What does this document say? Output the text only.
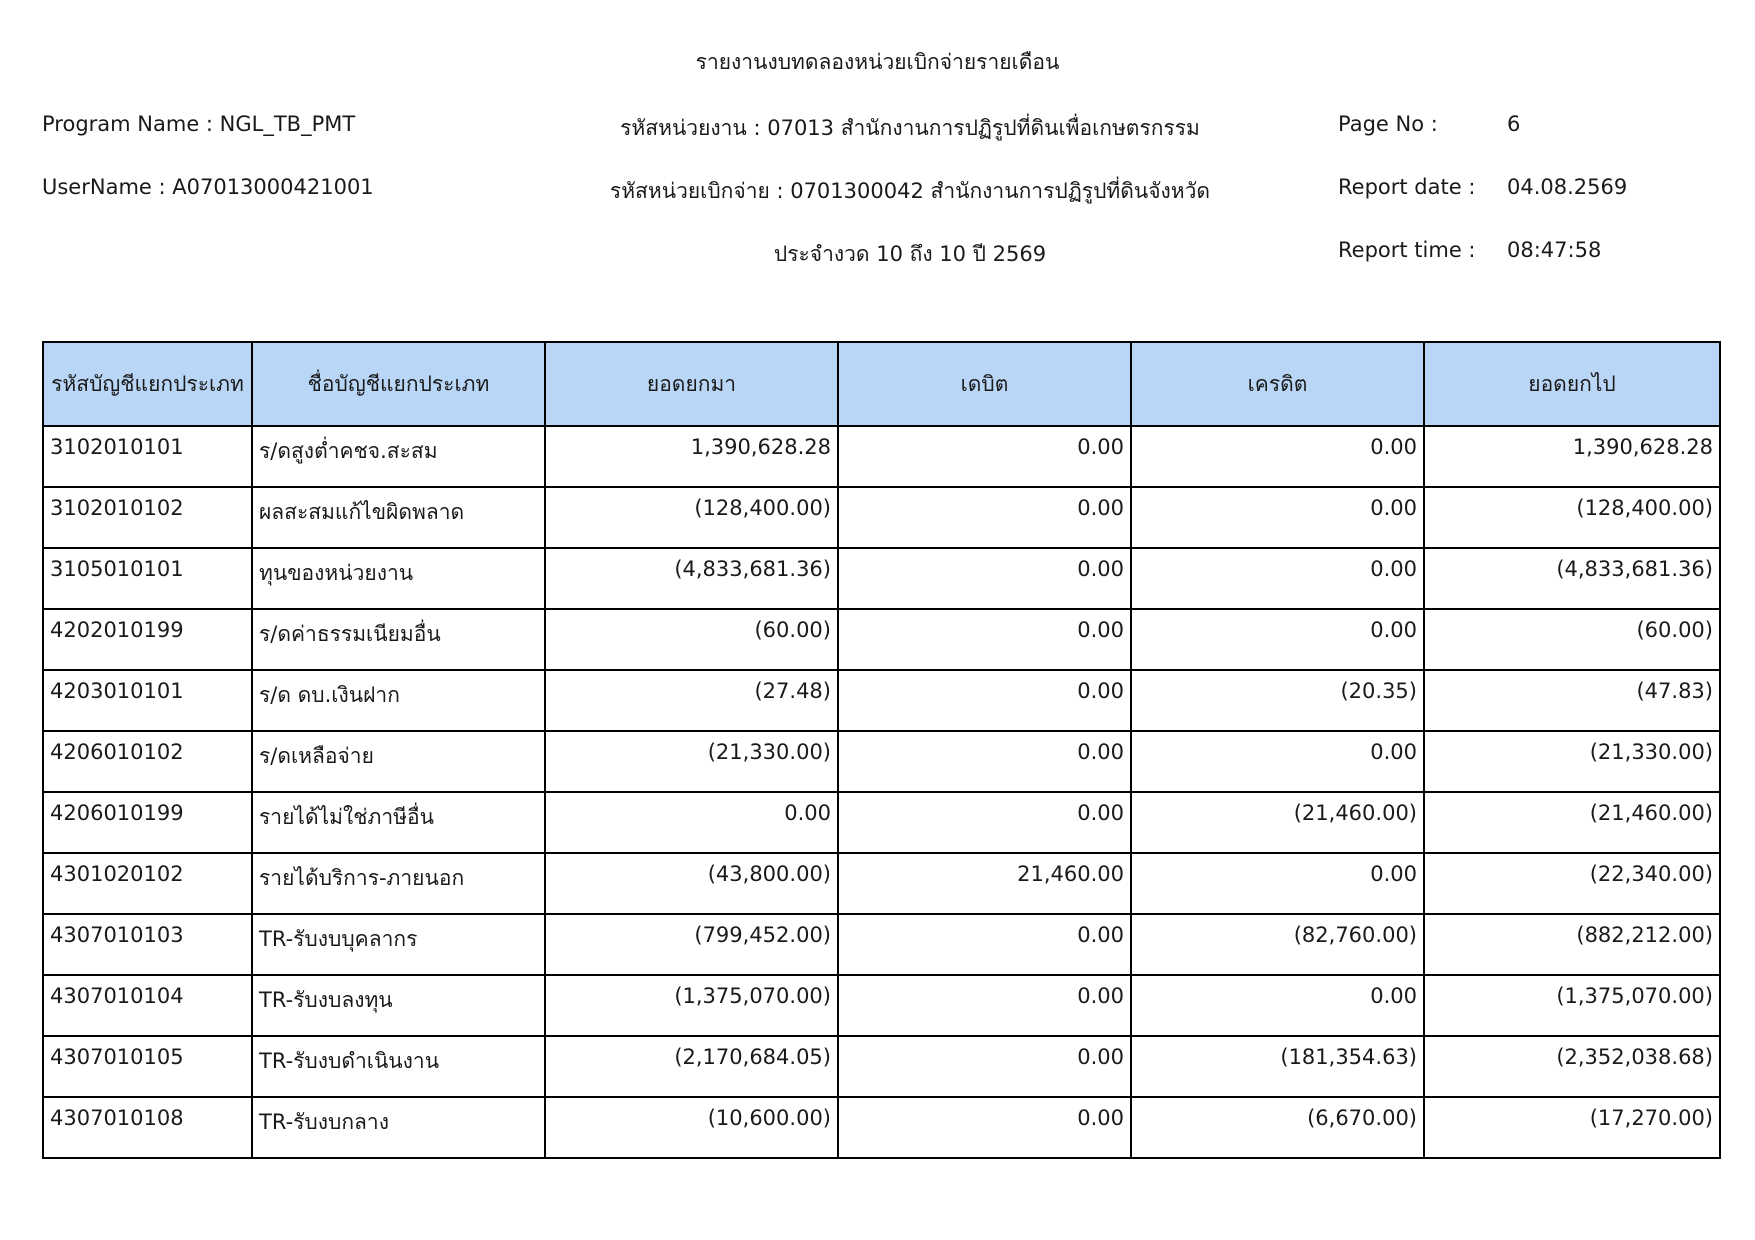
รายงานงบทดลองหน่วยเบิกจ่ายรายเดือน
Program Name : NGL_TB_PMT
UserName : A07013000421001
รหัสหน่วยงาน : 07013 สำนักงานการปฏิรูปที่ดินเพื่อเกษตรกรรม
รหัสหน่วยเบิกจ่าย : 0701300042 สำนักงานการปฏิรูปที่ดินจังหวัด
ประจำงวด 10 ถึง 10 ปี 2569
Page No :	6
Report date : 04.08.2569
Report time : 08:47:58
รหัสบัญชีแยกประเภท	ชื่อบัญชีแยกประเภท	ยอดยกมา	เดบิต	เครดิต	ยอดยกไป
3102010101	ร/ดสูงต่ำคชจ.สะสม	1,390,628.28	0.00	0.00	1,390,628.28
3102010102	ผลสะสมแก้ไขผิดพลาด	(128,400.00)	0.00	0.00	(128,400.00)
3105010101	ทุนของหน่วยงาน	(4,833,681.36)	0.00	0.00	(4,833,681.36)
4202010199	ร/ดค่าธรรมเนียมอื่น	(60.00)	0.00	0.00	(60.00)
4203010101	ร/ด ดบ.เงินฝาก	(27.48)	0.00	(20.35)	(47.83)
4206010102	ร/ดเหลือจ่าย	(21,330.00)	0.00	0.00	(21,330.00)
4206010199	รายได้ไม่ใช่ภาษีอื่น	0.00	0.00	(21,460.00)	(21,460.00)
4301020102	รายได้บริการ-ภายนอก	(43,800.00)	21,460.00	0.00	(22,340.00)
4307010103	TR-รับงบบุคลากร	(799,452.00)	0.00	(82,760.00)	(882,212.00)
4307010104	TR-รับงบลงทุน	(1,375,070.00)	0.00	0.00	(1,375,070.00)
4307010105	TR-รับงบดำเนินงาน	(2,170,684.05)	0.00	(181,354.63)	(2,352,038.68)
4307010108	TR-รับงบกลาง	(10,600.00)	0.00	(6,670.00)	(17,270.00)
